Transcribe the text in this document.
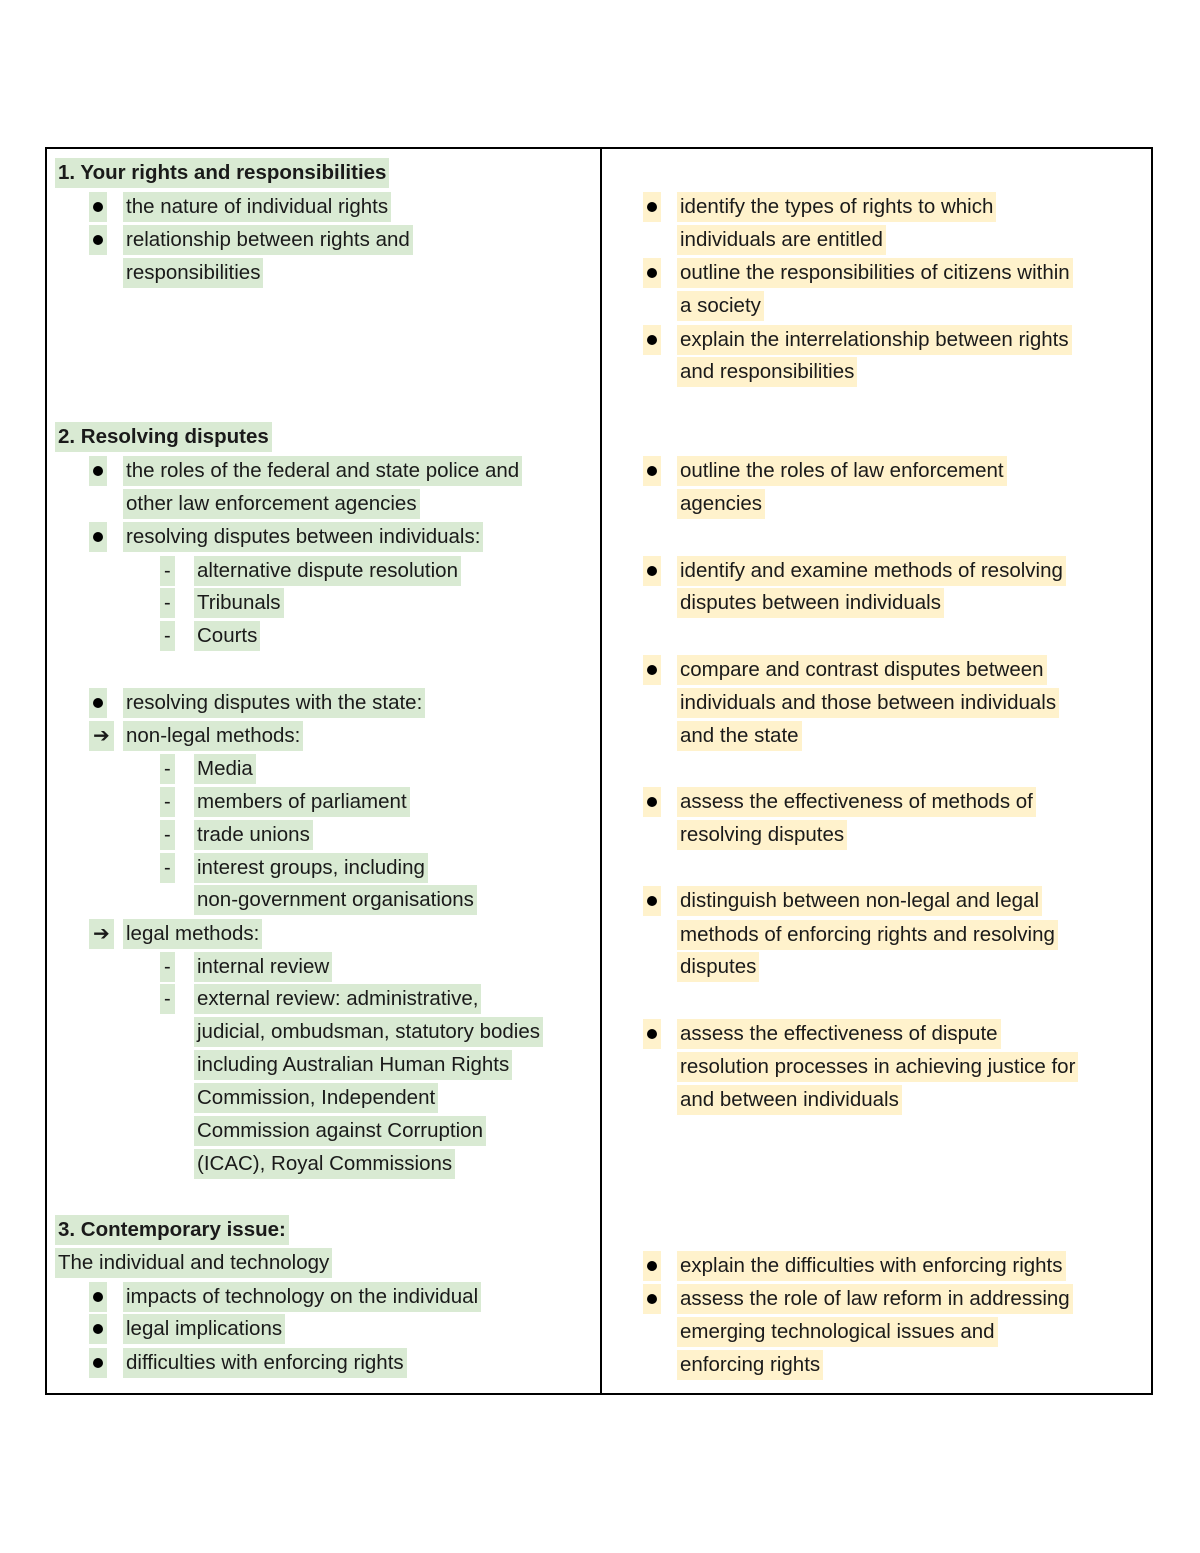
1. Your rights and responsibilities
the nature of individual rights
relationship between rights and
responsibilities
2. Resolving disputes
the roles of the federal and state police and
other law enforcement agencies
resolving disputes between individuals:
- alternative dispute resolution
- Tribunals
- Courts
resolving disputes with the state:
➔ non-legal methods:
- Media
- members of parliament
- trade unions
- interest groups, including
non-government organisations
➔ legal methods:
- internal review
- external review: administrative,
judicial, ombudsman, statutory bodies
including Australian Human Rights
Commission, Independent
Commission against Corruption
(ICAC), Royal Commissions
3. Contemporary issue:
The individual and technology
impacts of technology on the individual
legal implications
difficulties with enforcing rights
identify the types of rights to which
individuals are entitled
outline the responsibilities of citizens within
a society
explain the interrelationship between rights
and responsibilities
outline the roles of law enforcement
agencies
identify and examine methods of resolving
disputes between individuals
compare and contrast disputes between
individuals and those between individuals
and the state
assess the effectiveness of methods of
resolving disputes
distinguish between non-legal and legal
methods of enforcing rights and resolving
disputes
assess the effectiveness of dispute
resolution processes in achieving justice for
and between individuals
explain the difficulties with enforcing rights
assess the role of law reform in addressing
emerging technological issues and
enforcing rights
